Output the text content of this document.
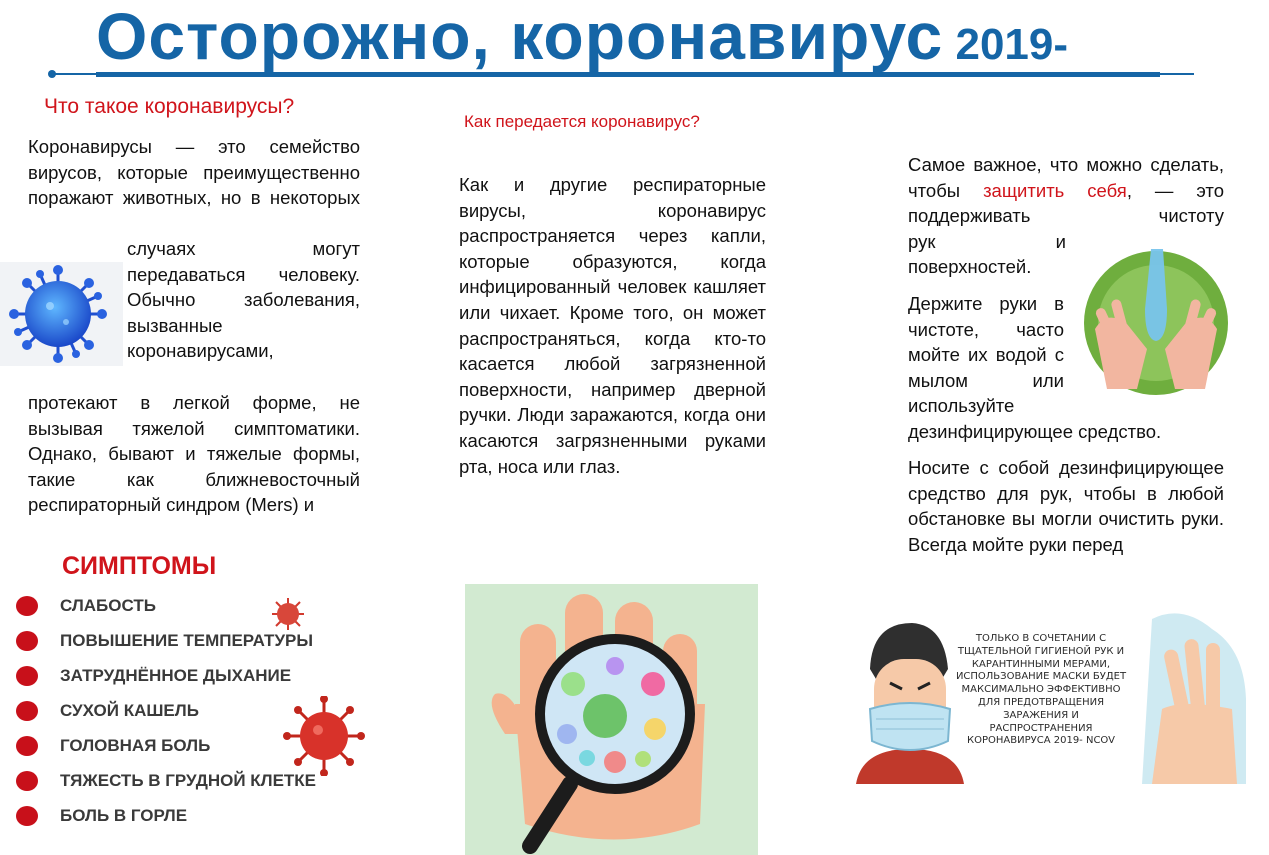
Осторожно, коронавирус 2019-
Что такое коронавирусы?

Коронавирусы — это семейство вирусов, которые преимущественно поражают животных, но в некоторых

случаях могут передаваться человеку. Обычно заболевания, вызванные коронавирусами,

протекают в легкой форме, не вызывая тяжелой симптоматики. Однако, бывают и тяжелые формы, такие как ближневосточный респираторный синдром (Mers) и

Как передается коронавирус?

Как и другие респираторные вирусы, коронавирус распространяется через капли, которые образуются, когда инфицированный человек кашляет или чихает. Кроме того, он может распространяться, когда кто-то касается любой загрязненной поверхности, например дверной ручки. Люди заражаются, когда они касаются загрязненными руками рта, носа или глаз.

Самое важное, что можно сделать, чтобы защитить себя, — это поддерживать чистоту

рук и поверхностей.

Держите руки в чистоте, часто мойте их водой с мылом или используйте

дезинфицирующее средство.

Носите с собой дезинфицирующее средство для рук, чтобы в любой обстановке вы могли очистить руки. Всегда мойте руки перед

ТОЛЬКО В СОЧЕТАНИИ С ТЩАТЕЛЬНОЙ ГИГИЕНОЙ РУК И КАРАНТИННЫМИ МЕРАМИ, ИСПОЛЬЗОВАНИЕ МАСКИ БУДЕТ МАКСИМАЛЬНО ЭФФЕКТИВНО ДЛЯ ПРЕДОТВРАЩЕНИЯ ЗАРАЖЕНИЯ И РАСПРОСТРАНЕНИЯ КОРОНАВИРУСА 2019- NCOV
СИМПТОМЫ
СЛАБОСТЬ
ПОВЫШЕНИЕ ТЕМПЕРАТУРЫ
ЗАТРУДНЁННОЕ ДЫХАНИЕ
СУХОЙ КАШЕЛЬ
ГОЛОВНАЯ БОЛЬ
ТЯЖЕСТЬ В ГРУДНОЙ КЛЕТКЕ
БОЛЬ В ГОРЛЕ
